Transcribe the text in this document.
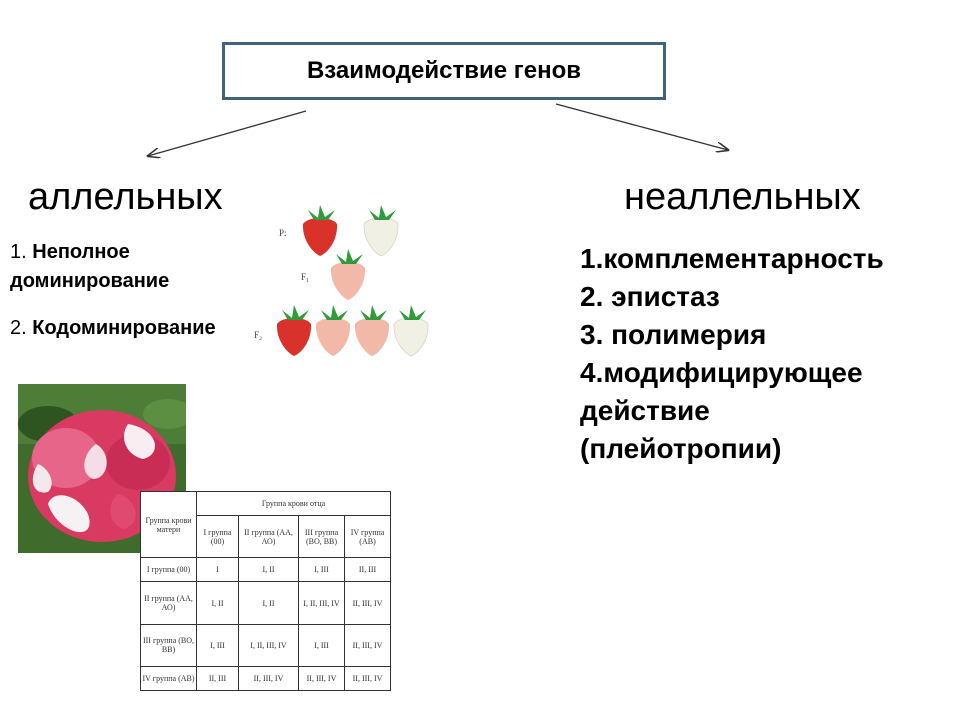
Взаимодействие генов
аллельных	неаллельных
1. Неполное доминирование
2. Кодоминирование
1.комплементарность
2. эпистаз
3. полимерия
4.модифицирующее
действие
(плейотропии)
P:
F₁
F₂
Группа крови матери	Группа крови отца			
	I группа (00)	II группа (АА, АО)	III группа (ВО, ВВ)	IV группа (АВ)
I группа (00)	I	I, II	I, III	II, III
II группа (АА, АО)	I, II	I, II	I, II, III, IV	II, III, IV
III группа (ВО, ВВ)	I, III	I, II, III, IV	I, III	II, III, IV
IV группа (АВ)	II, III	II, III, IV	II, III, IV	II, III, IV
